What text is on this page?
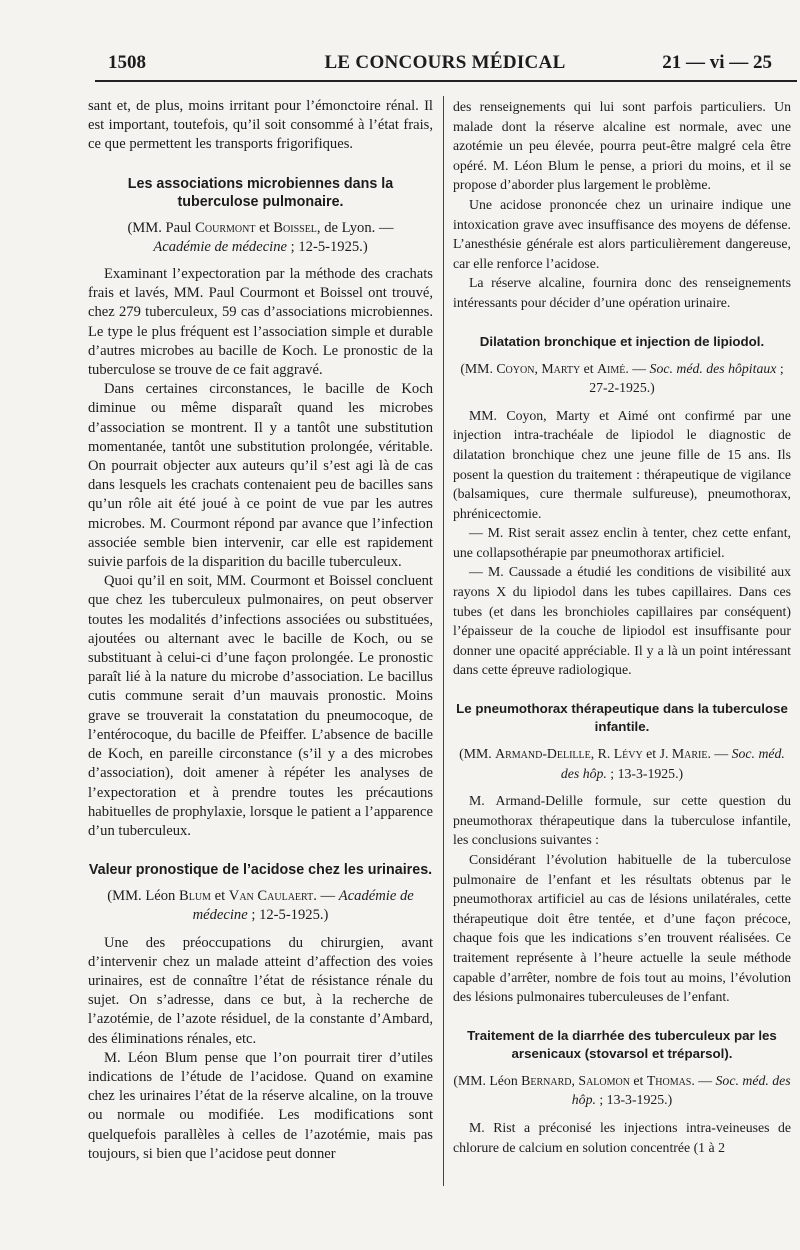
1508	LE CONCOURS MÉDICAL	21 — vi — 25

sant et, de plus, moins irritant pour l’émonctoire rénal. Il est important, toutefois, qu’il soit consommé à l’état frais, ce que permettent les transports frigorifiques.

Les associations microbiennes dans la tuberculose pulmonaire.

(MM. Paul Courmont et Boissel, de Lyon. —
Académie de médecine ; 12-5-1925.)

Examinant l’expectoration par la méthode des crachats frais et lavés, MM. Paul Courmont et Boissel ont trouvé, chez 279 tuberculeux, 59 cas d’associations microbiennes. Le type le plus fréquent est l’association simple et durable d’autres microbes au bacille de Koch. Le pronostic de la tuberculose se trouve de ce fait aggravé.

Dans certaines circonstances, le bacille de Koch diminue ou même disparaît quand les microbes d’association se montrent. Il y a tantôt une substitution momentanée, tantôt une substitution prolongée, véritable. On pourrait objecter aux auteurs qu’il s’est agi là de cas dans lesquels les crachats contenaient peu de bacilles sans qu’un rôle ait été joué à ce point de vue par les autres microbes. M. Courmont répond par avance que l’infection associée semble bien intervenir, car elle est rapidement suivie parfois de la disparition du bacille tuberculeux.

Quoi qu’il en soit, MM. Courmont et Boissel concluent que chez les tuberculeux pulmonaires, on peut observer toutes les modalités d’infections associées ou substituées, ajoutées ou alternant avec le bacille de Koch, ou se substituant à celui-ci d’une façon prolongée. Le pronostic paraît lié à la nature du microbe d’association. Le bacillus cutis commune serait d’un mauvais pronostic. Moins grave se trouverait la constatation du pneumocoque, de l’entérocoque, du bacille de Pfeiffer. L’absence de bacille de Koch, en pareille circonstance (s’il y a des microbes d’association), doit amener à répéter les analyses de l’expectoration et à prendre toutes les précautions habituelles de prophylaxie, lorsque le patient a l’apparence d’un tuberculeux.

Valeur pronostique de l’acidose chez les urinaires.

(MM. Léon Blum et Van Caulaert. — Académie de médecine ; 12-5-1925.)

Une des préoccupations du chirurgien, avant d’intervenir chez un malade atteint d’affection des voies urinaires, est de connaître l’état de résistance rénale du sujet. On s’adresse, dans ce but, à la recherche de l’azotémie, de l’azote résiduel, de la constante d’Ambard, des éliminations rénales, etc.

M. Léon Blum pense que l’on pourrait tirer d’utiles indications de l’étude de l’acidose. Quand on examine chez les urinaires l’état de la réserve alcaline, on la trouve ou normale ou modifiée. Les modifications sont quelquefois parallèles à celles de l’azotémie, mais pas toujours, si bien que l’acidose peut donner

des renseignements qui lui sont parfois particuliers. Un malade dont la réserve alcaline est normale, avec une azotémie un peu élevée, pourra peut-être malgré cela être opéré. M. Léon Blum le pense, a priori du moins, et il se propose d’aborder plus largement le problème.

Une acidose prononcée chez un urinaire indique une intoxication grave avec insuffisance des moyens de défense. L’anesthésie générale est alors particulièrement dangereuse, car elle renforce l’acidose.

La réserve alcaline, fournira donc des renseignements intéressants pour décider d’une opération urinaire.

Dilatation bronchique et injection de lipiodol.

(MM. Coyon, Marty et Aimé. — Soc. méd. des hôpitaux ; 27-2-1925.)

MM. Coyon, Marty et Aimé ont confirmé par une injection intra-trachéale de lipiodol le diagnostic de dilatation bronchique chez une jeune fille de 15 ans. Ils posent la question du traitement : thérapeutique de vigilance (balsamiques, cure thermale sulfureuse), pneumothorax, phrénicectomie.

— M. Rist serait assez enclin à tenter, chez cette enfant, une collapsothérapie par pneumothorax artificiel.

— M. Caussade a étudié les conditions de visibilité aux rayons X du lipiodol dans les tubes capillaires. Dans ces tubes (et dans les bronchioles capillaires par conséquent) l’épaisseur de la couche de lipiodol est insuffisante pour donner une opacité appréciable. Il y a là un point intéressant dans cette épreuve radiologique.

Le pneumothorax thérapeutique dans la tuberculose infantile.

(MM. Armand-Delille, R. Lévy et J. Marie. — Soc. méd. des hôp. ; 13-3-1925.)

M. Armand-Delille formule, sur cette question du pneumothorax thérapeutique dans la tuberculose infantile, les conclusions suivantes :

Considérant l’évolution habituelle de la tuberculose pulmonaire de l’enfant et les résultats obtenus par le pneumothorax artificiel au cas de lésions unilatérales, cette thérapeutique doit être tentée, et d’une façon précoce, chaque fois que les indications s’en trouvent réalisées. Ce traitement représente à l’heure actuelle la seule méthode capable d’arrêter, nombre de fois tout au moins, l’évolution des lésions pulmonaires tuberculeuses de l’enfant.

Traitement de la diarrhée des tuberculeux par les arsenicaux (stovarsol et tréparsol).

(MM. Léon Bernard, Salomon et Thomas. — Soc. méd. des hôp. ; 13-3-1925.)

M. Rist a préconisé les injections intra-veineuses de chlorure de calcium en solution concentrée (1 à 2
